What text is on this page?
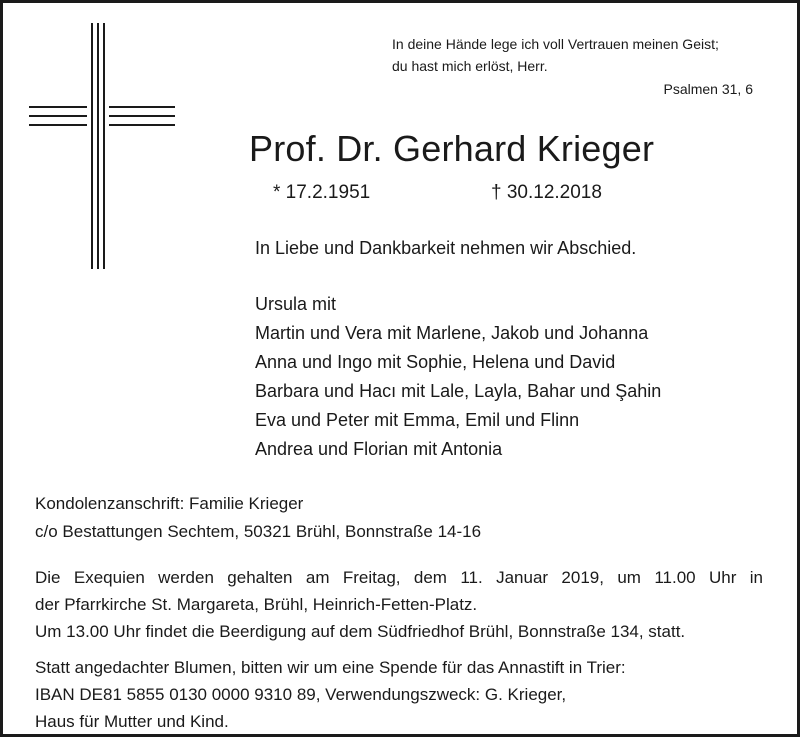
In deine Hände lege ich voll Vertrauen meinen Geist;
du hast mich erlöst, Herr.
Psalmen 31, 6
Prof. Dr. Gerhard Krieger
* 17.2.1951	† 30.12.2018
In Liebe und Dankbarkeit nehmen wir Abschied.
Ursula mit
Martin und Vera mit Marlene, Jakob und Johanna
Anna und Ingo mit Sophie, Helena und David
Barbara und Hacı mit Lale, Layla, Bahar und Şahin
Eva und Peter mit Emma, Emil und Flinn
Andrea und Florian mit Antonia
Kondolenzanschrift: Familie Krieger
c/o Bestattungen Sechtem, 50321 Brühl, Bonnstraße 14-16

Die Exequien werden gehalten am Freitag, dem 11. Januar 2019, um 11.00 Uhr in

der Pfarrkirche St. Margareta, Brühl, Heinrich-Fetten-Platz.

Um 13.00 Uhr findet die Beerdigung auf dem Südfriedhof Brühl, Bonnstraße 134, statt.

Statt angedachter Blumen, bitten wir um eine Spende für das Annastift in Trier:
IBAN DE81 5855 0130 0000 9310 89, Verwendungszweck: G. Krieger,
Haus für Mutter und Kind.
